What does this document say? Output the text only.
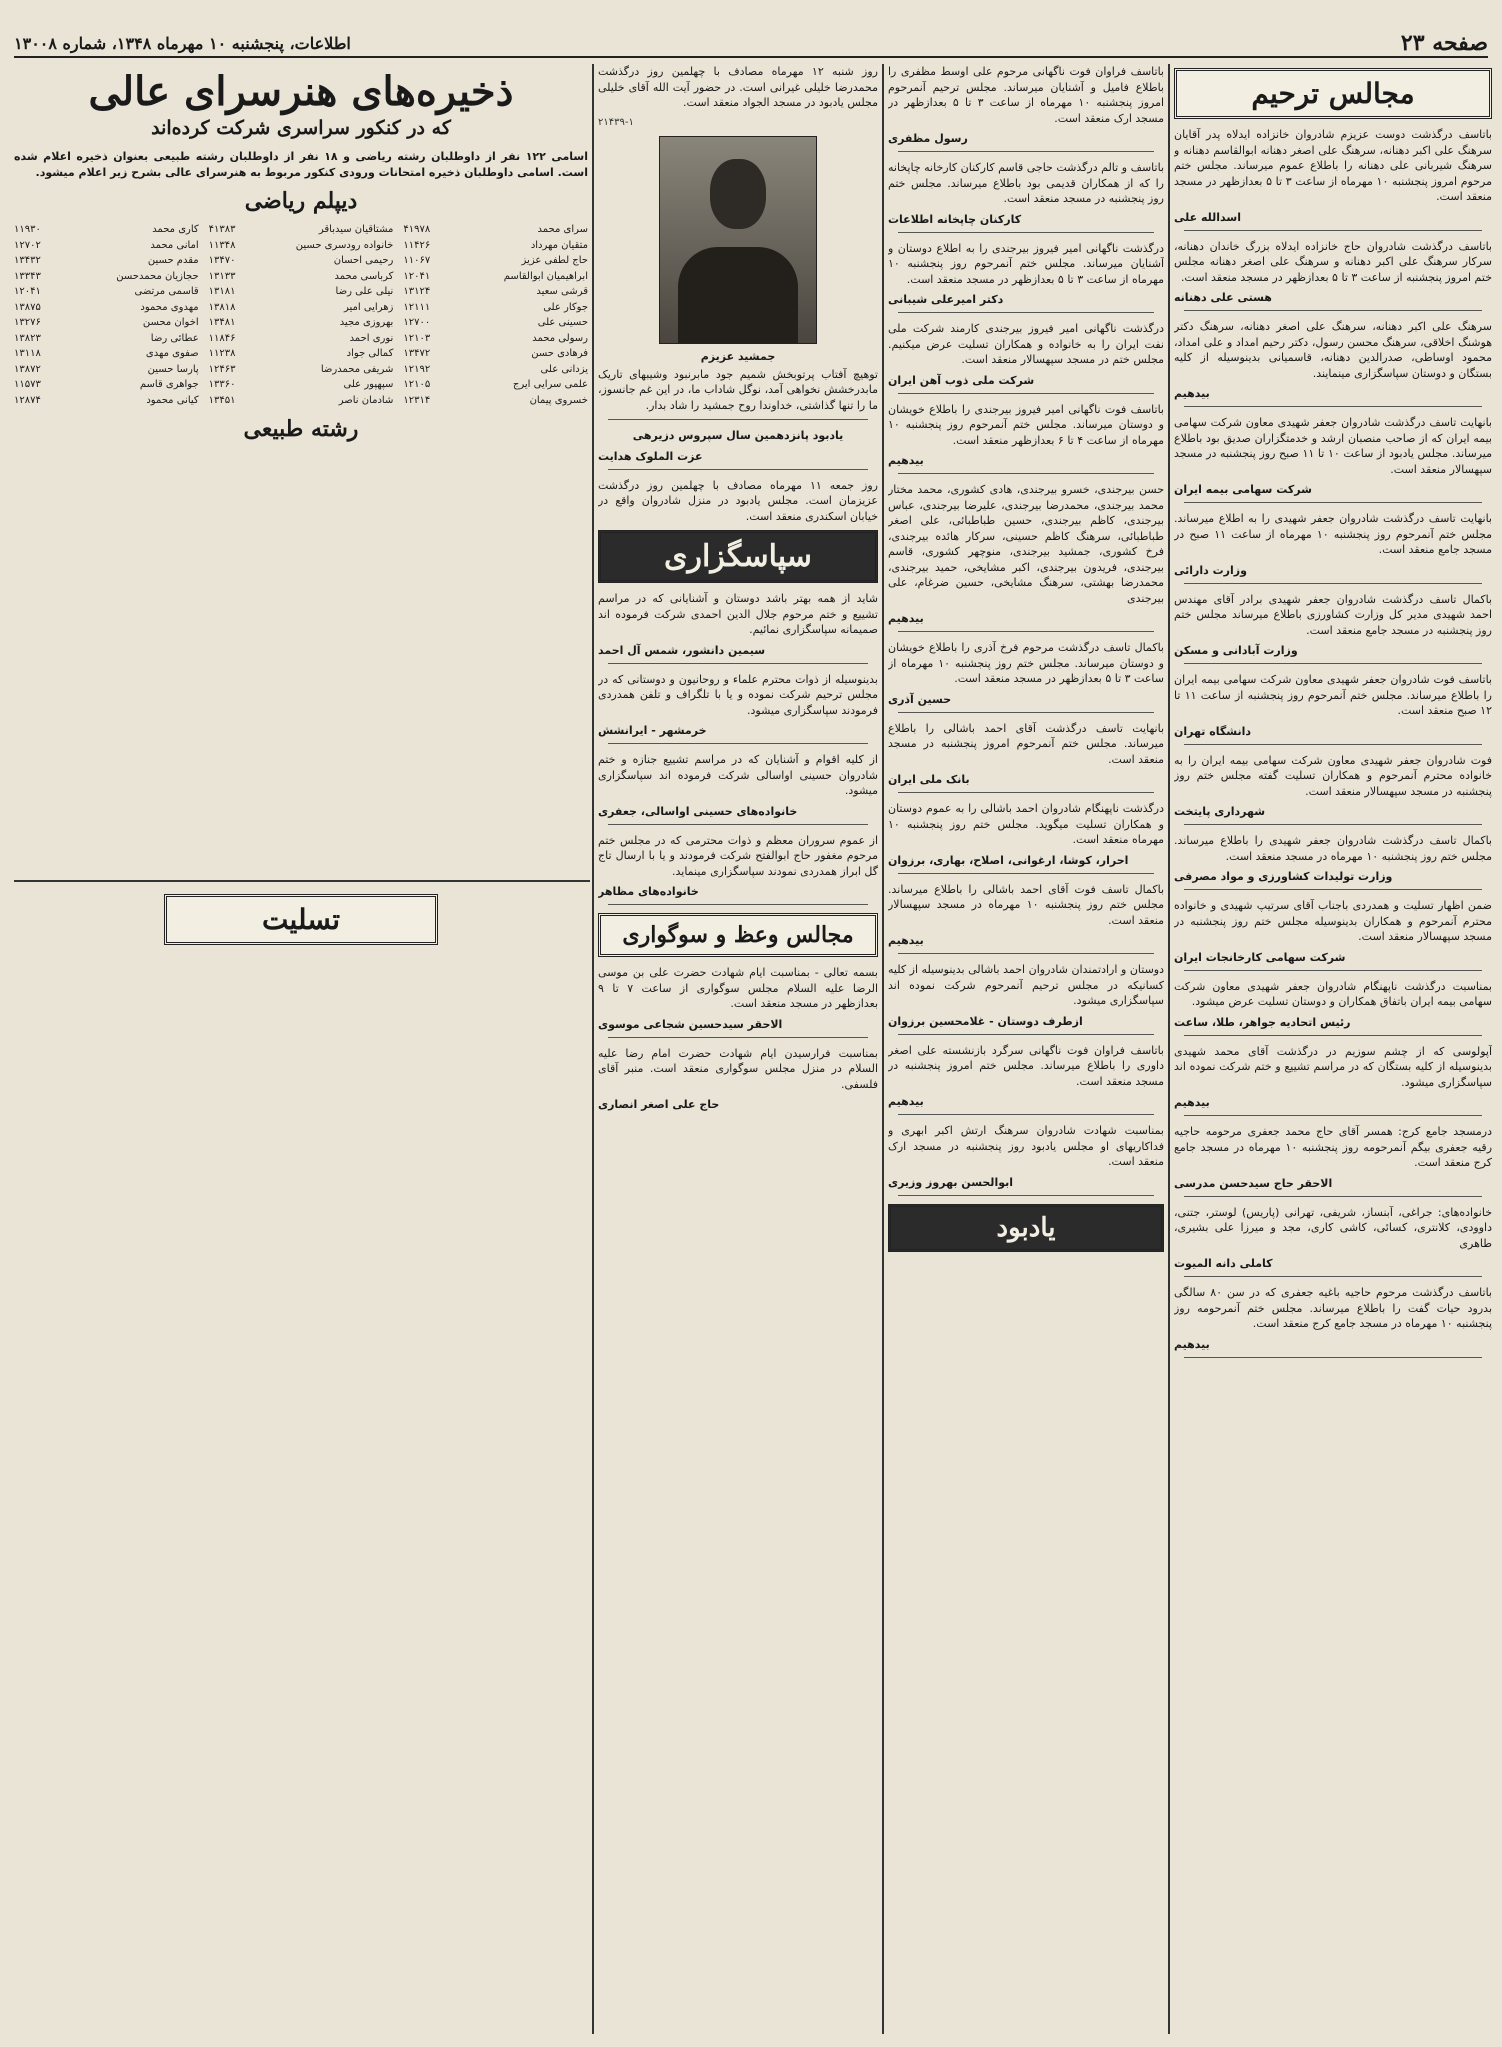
صفحه ۲۳
اطلاعات، پنجشنبه ۱۰ مهرماه ۱۳۴۸، شماره ۱۳۰۰۸
مجالس ترحیم
باتاسف درگذشت دوست عزیزم شادروان خانزاده ایدلاه پدر آقایان سرهنگ علی اکبر دهنانه، سرهنگ علی اصغر دهنانه ابوالقاسم دهنانه و سرهنگ شیربانی علی دهنانه را باطلاع عموم میرساند. مجلس ختم مرحوم امروز پنجشنبه ۱۰ مهرماه از ساعت ۳ تا ۵ بعدازظهر در مسجد منعقد است.
اسدالله علی
باتاسف درگذشت شادروان حاج خانزاده ایدلاه بزرگ خاندان دهنانه، سرکار سرهنگ علی اکبر دهنانه و سرهنگ علی اصغر دهنانه مجلس ختم امروز پنجشنبه از ساعت ۳ تا ۵ بعدازظهر در مسجد منعقد است.
هستی علی دهنانه
سرهنگ علی اکبر دهنانه، سرهنگ علی اصغر دهنانه، سرهنگ دکتر هوشنگ اخلاقی، سرهنگ محسن رسول، دکتر رحیم امداد و علی امداد، محمود اوساطی، صدرالدین دهنانه، قاسمیانی بدینوسیله از کلیه بستگان و دوستان سپاسگزاری مینمایند.
بیدهیم
بانهایت تاسف درگذشت شادروان جعفر شهیدی معاون شرکت سهامی بیمه ایران که از صاحب منصبان ارشد و خدمتگزاران صدیق بود باطلاع میرساند. مجلس یادبود از ساعت ۱۰ تا ۱۱ صبح روز پنجشنبه در مسجد سپهسالار منعقد است.
شرکت سهامی بیمه ایران
بانهایت تاسف درگذشت شادروان جعفر شهیدی را به اطلاع میرساند. مجلس ختم آنمرحوم روز پنجشنبه ۱۰ مهرماه از ساعت ۱۱ صبح در مسجد جامع منعقد است.
وزارت دارائی
باکمال تاسف درگذشت شادروان جعفر شهیدی برادر آقای مهندس احمد شهیدی مدیر کل وزارت کشاورزی باطلاع میرساند مجلس ختم روز پنجشنبه در مسجد جامع منعقد است.
وزارت آبادانی و مسکن
باتاسف فوت شادروان جعفر شهیدی معاون شرکت سهامی بیمه ایران را باطلاع میرساند. مجلس ختم آنمرحوم روز پنجشنبه از ساعت ۱۱ تا ۱۲ صبح منعقد است.
دانشگاه تهران
فوت شادروان جعفر شهیدی معاون شرکت سهامی بیمه ایران را به خانواده محترم آنمرحوم و همکاران تسلیت گفته مجلس ختم روز پنجشنبه در مسجد سپهسالار منعقد است.
شهرداری پایتخت
باکمال تاسف درگذشت شادروان جعفر شهیدی را باطلاع میرساند. مجلس ختم روز پنجشنبه ۱۰ مهرماه در مسجد منعقد است.
وزارت تولیدات کشاورزی و مواد مصرفی
ضمن اظهار تسلیت و همدردی باجناب آقای سرتیپ شهیدی و خانواده محترم آنمرحوم و همکاران بدینوسیله مجلس ختم روز پنجشنبه در مسجد سپهسالار منعقد است.
شرکت سهامی کارخانجات ایران
بمناسبت درگذشت ناپهنگام شادروان جعفر شهیدی معاون شرکت سهامی بیمه ایران باتفاق همکاران و دوستان تسلیت عرض میشود.
رئیس اتحادیه جواهر، طلا، ساعت
آپولوسی که از چشم سوزیم در درگذشت آقای محمد شهیدی بدینوسیله از کلیه بستگان که در مراسم تشییع و ختم شرکت نموده اند سپاسگزاری میشود.
بیدهیم
درمسجد جامع کرج: همسر آقای حاج محمد جعفری مرحومه حاجیه رقیه جعفری بیگم آنمرحومه روز پنجشنبه ۱۰ مهرماه در مسجد جامع کرج منعقد است.
الاحقر حاج سیدحسن مدرسی
خانواده‌های: جراغی، آبنساز، شریفی، تهرانی (پاریس) لوستر، جتنی، داوودی، کلانتری، کسائی، کاشی کاری، مجد و میرزا علی بشیری، طاهری
کاملی دانه المیوت
باتاسف درگذشت مرحوم حاجیه باغیه جعفری که در سن ۸۰ سالگی بدرود حیات گفت را باطلاع میرساند. مجلس ختم آنمرحومه روز پنجشنبه ۱۰ مهرماه در مسجد جامع کرج منعقد است.
بیدهیم
باتاسف فراوان فوت ناگهانی مرحوم علی اوسط مظفری را باطلاع فامیل و آشنایان میرساند. مجلس ترحیم آنمرحوم امروز پنجشنبه ۱۰ مهرماه از ساعت ۳ تا ۵ بعدازظهر در مسجد ارک منعقد است.
رسول مظفری
باتاسف و تالم درگذشت حاجی قاسم کارکنان کارخانه چاپخانه را که از همکاران قدیمی بود باطلاع میرساند. مجلس ختم روز پنجشنبه در مسجد منعقد است.
کارکنان چاپخانه اطلاعات
درگذشت ناگهانی امیر فیروز بیرجندی را به اطلاع دوستان و آشنایان میرساند. مجلس ختم آنمرحوم روز پنجشنبه ۱۰ مهرماه از ساعت ۳ تا ۵ بعدازظهر در مسجد منعقد است.
دکتر امیرعلی شیبانی
درگذشت ناگهانی امیر فیروز بیرجندی کارمند شرکت ملی نفت ایران را به خانواده و همکاران تسلیت عرض میکنیم. مجلس ختم در مسجد سپهسالار منعقد است.
شرکت ملی ذوب آهن ایران
باتاسف فوت ناگهانی امیر فیروز بیرجندی را باطلاع خویشان و دوستان میرساند. مجلس ختم آنمرحوم روز پنجشنبه ۱۰ مهرماه از ساعت ۴ تا ۶ بعدازظهر منعقد است.
بیدهیم
حسن بیرجندی، خسرو بیرجندی، هادی کشوری، محمد مختار محمد بیرجندی، محمدرضا بیرجندی، علیرضا بیرجندی، عباس بیرجندی، کاظم بیرجندی، حسین طباطبائی، علی اصغر طباطبائی، سرهنگ کاظم حسینی، سرکار هائده بیرجندی، فرخ کشوری، جمشید بیرجندی، منوچهر کشوری، قاسم بیرجندی، فریدون بیرجندی، اکبر مشایخی، حمید بیرجندی، محمدرضا بهشتی، سرهنگ مشایخی، حسین ضرغام، علی بیرجندی
بیدهیم
باکمال تاسف درگذشت مرحوم فرخ آذری را باطلاع خویشان و دوستان میرساند. مجلس ختم روز پنجشنبه ۱۰ مهرماه از ساعت ۳ تا ۵ بعدازظهر در مسجد منعقد است.
حسین آذری
بانهایت تاسف درگذشت آقای احمد باشالی را باطلاع میرساند. مجلس ختم آنمرحوم امروز پنجشنبه در مسجد منعقد است.
بانک ملی ایران
درگذشت ناپهنگام شادروان احمد باشالی را به عموم دوستان و همکاران تسلیت میگوید. مجلس ختم روز پنجشنبه ۱۰ مهرماه منعقد است.
احرار، کوشا، ارغوانی، اصلاح، بهاری، برزوان
باکمال تاسف فوت آقای احمد باشالی را باطلاع میرساند. مجلس ختم روز پنجشنبه ۱۰ مهرماه در مسجد سپهسالار منعقد است.
بیدهیم
دوستان و ارادتمندان شادروان احمد باشالی بدینوسیله از کلیه کسانیکه در مجلس ترحیم آنمرحوم شرکت نموده اند سپاسگزاری میشود.
ازطرف دوستان - غلامحسین برزوان
باتاسف فراوان فوت ناگهانی سرگرد بازنشسته علی اصغر داوری را باطلاع میرساند. مجلس ختم امروز پنجشنبه در مسجد منعقد است.
بیدهیم
بمناسبت شهادت شادروان سرهنگ ارتش اکبر ابهری و فداکاریهای او مجلس یادبود روز پنجشنبه در مسجد ارک منعقد است.
ابوالحسن بهروز وزیری
یادبود
روز شنبه ۱۲ مهرماه مصادف با چهلمین روز درگذشت محمدرضا خلیلی غیرانی است. در حضور آیت الله آقای خلیلی مجلس یادبود در مسجد الجواد منعقد است.
۲۱۴۳۹-۱
جمشید عزیزم
توهیچ آفتاب پرتوبخش شمیم جود مابرنبود وشیبهای تاریک مابدرخشش نخواهی آمد، نوگل شاداب ما، در این غم جانسوز، ما را تنها گذاشتی، خداوندا روح جمشید را شاد بدار.
یادبود پانزدهمین سال سپروس دزیرهی
عزت الملوک هدایت
روز جمعه ۱۱ مهرماه مصادف با چهلمین روز درگذشت عزیزمان است. مجلس یادبود در منزل شادروان واقع در خیابان اسکندری منعقد است.
سپاسگزاری
شاید از همه بهتر باشد دوستان و آشنایانی که در مراسم تشییع و ختم مرحوم جلال الدین احمدی شرکت فرموده اند صمیمانه سپاسگزاری نمائیم.
سیمین دانشور، شمس آل احمد
بدینوسیله از ذوات محترم علماء و روحانیون و دوستانی که در مجلس ترحیم شرکت نموده و یا با تلگراف و تلفن همدردی فرمودند سپاسگزاری میشود.
خرمشهر - ایرانشش
از کلیه اقوام و آشنایان که در مراسم تشییع جنازه و ختم شادروان حسینی اواسالی شرکت فرموده اند سپاسگزاری میشود.
خانواده‌های حسینی اواسالی، جعفری
از عموم سروران معظم و ذوات محترمی که در مجلس ختم مرحوم مغفور حاج ابوالفتح شرکت فرمودند و یا با ارسال تاج گل ابراز همدردی نمودند سپاسگزاری مینماید.
خانواده‌های مظاهر
مجالس وعظ و سوگواری
بسمه تعالی - بمناسبت ایام شهادت حضرت علی بن موسی الرضا علیه السلام مجلس سوگواری از ساعت ۷ تا ۹ بعدازظهر در مسجد منعقد است.
الاحقر سیدحسین شجاعی موسوی
بمناسبت فرارسیدن ایام شهادت حضرت امام رضا علیه السلام در منزل مجلس سوگواری منعقد است. منبر آقای فلسفی.
حاج علی اصغر انصاری
ذخیره‌های هنرسرای عالی
که در کنکور سراسری شرکت کرده‌اند
اسامی ۱۲۲ نفر از داوطلبان رشته ریاضی و ۱۸ نفر از داوطلبان رشته طبیعی بعنوان ذخیره اعلام شده است. اسامی داوطلبان ذخیره امتحانات ورودی کنکور مربوط به هنرسرای عالی بشرح زیر اعلام میشود.
دیپلم ریاضی
سرای محمد
۴۱۹۷۸
مشتاقیان سیدباقر
۴۱۳۸۳
کاری محمد
۱۱۹۳۰
متقیان مهرداد
۱۱۴۲۶
خانواده رودسری حسین
۱۱۳۴۸
امانی محمد
۱۲۷۰۲
حاج لطفی عزیز
۱۱۰۶۷
رحیمی احسان
۱۳۴۷۰
مقدم حسین
۱۳۴۳۲
ابراهیمیان ابوالقاسم
۱۲۰۴۱
کرباسی محمد
۱۳۱۳۳
حجازیان محمدحسن
۱۳۳۴۳
قرشی سعید
۱۳۱۲۴
نیلی علی رضا
۱۳۱۸۱
قاسمی مرتضی
۱۲۰۴۱
جوکار علی
۱۲۱۱۱
زهرایی امیر
۱۳۸۱۸
مهدوی محمود
۱۳۸۷۵
حسینی علی
۱۲۷۰۰
بهروزی مجید
۱۳۴۸۱
اخوان محسن
۱۳۲۷۶
رسولی محمد
۱۲۱۰۳
نوری احمد
۱۱۸۴۶
عطائی رضا
۱۳۸۲۳
فرهادی حسن
۱۳۴۷۲
کمالی جواد
۱۱۲۳۸
صفوی مهدی
۱۳۱۱۸
یزدانی علی
۱۲۱۹۲
شریفی محمدرضا
۱۲۴۶۳
پارسا حسین
۱۳۸۷۲
علمی سرایی ایرج
۱۲۱۰۵
سپهپور علی
۱۳۳۶۰
جواهری قاسم
۱۱۵۷۳
خسروی پیمان
۱۲۳۱۴
شادمان ناصر
۱۳۴۵۱
کیانی محمود
۱۲۸۷۴
رشته طبیعی
تسلیت
